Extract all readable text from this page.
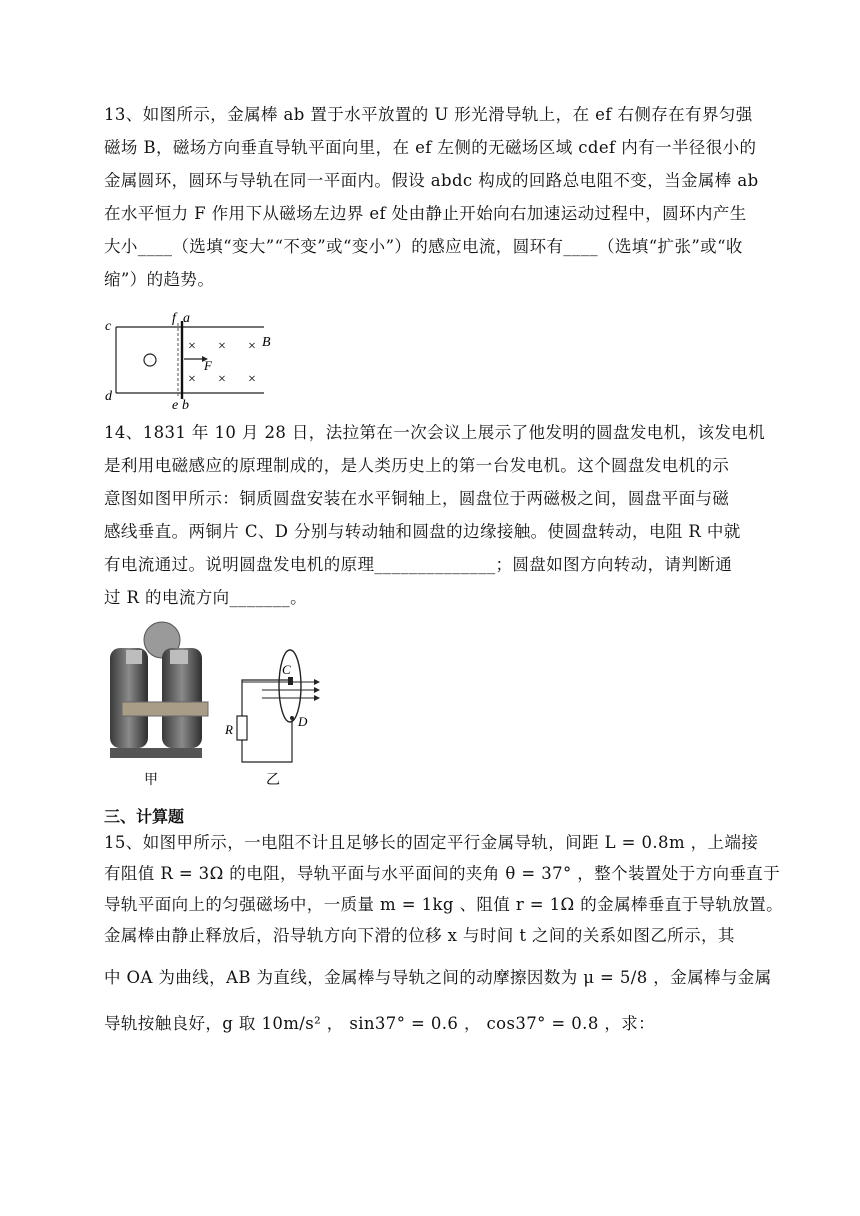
13、如图所示，金属棒 ab 置于水平放置的 U 形光滑导轨上，在 ef 右侧存在有界匀强
磁场 B，磁场方向垂直导轨平面向里，在 ef 左侧的无磁场区域 cdef 内有一半径很小的
金属圆环，圆环与导轨在同一平面内。假设 abdc 构成的回路总电阻不变，当金属棒 ab
在水平恒力 F 作用下从磁场左边界 ef 处由静止开始向右加速运动过程中，圆环内产生
大小____（选填“变大”“不变”或“变小”）的感应电流，圆环有____（选填“扩张”或“收
缩”）的趋势。
F
× × ×
× × ×
B
c
d
f a
e b
14、1831 年 10 月 28 日，法拉第在一次会议上展示了他发明的圆盘发电机，该发电机
是利用电磁感应的原理制成的，是人类历史上的第一台发电机。这个圆盘发电机的示
意图如图甲所示：铜质圆盘安装在水平铜轴上，圆盘位于两磁极之间，圆盘平面与磁
感线垂直。两铜片 C、D 分别与转动轴和圆盘的边缘接触。使圆盘转动，电阻 R 中就
有电流通过。说明圆盘发电机的原理______________；圆盘如图方向转动，请判断通
过 R 的电流方向_______。
甲
C
D
R
乙
三、计算题
15、如图甲所示，一电阻不计且足够长的固定平行金属导轨，间距 L = 0.8m ，上端接
有阻值 R = 3Ω 的电阻，导轨平面与水平面间的夹角 θ = 37° ，整个装置处于方向垂直于
导轨平面向上的匀强磁场中，一质量 m = 1kg 、阻值 r = 1Ω 的金属棒垂直于导轨放置。
金属棒由静止释放后，沿导轨方向下滑的位移 x 与时间 t 之间的关系如图乙所示，其
中 OA 为曲线，AB 为直线，金属棒与导轨之间的动摩擦因数为 μ = 5/8 ，金属棒与金属
导轨按触良好，g 取 10m/s² ， sin37° = 0.6 ， cos37° = 0.8 ，求：
